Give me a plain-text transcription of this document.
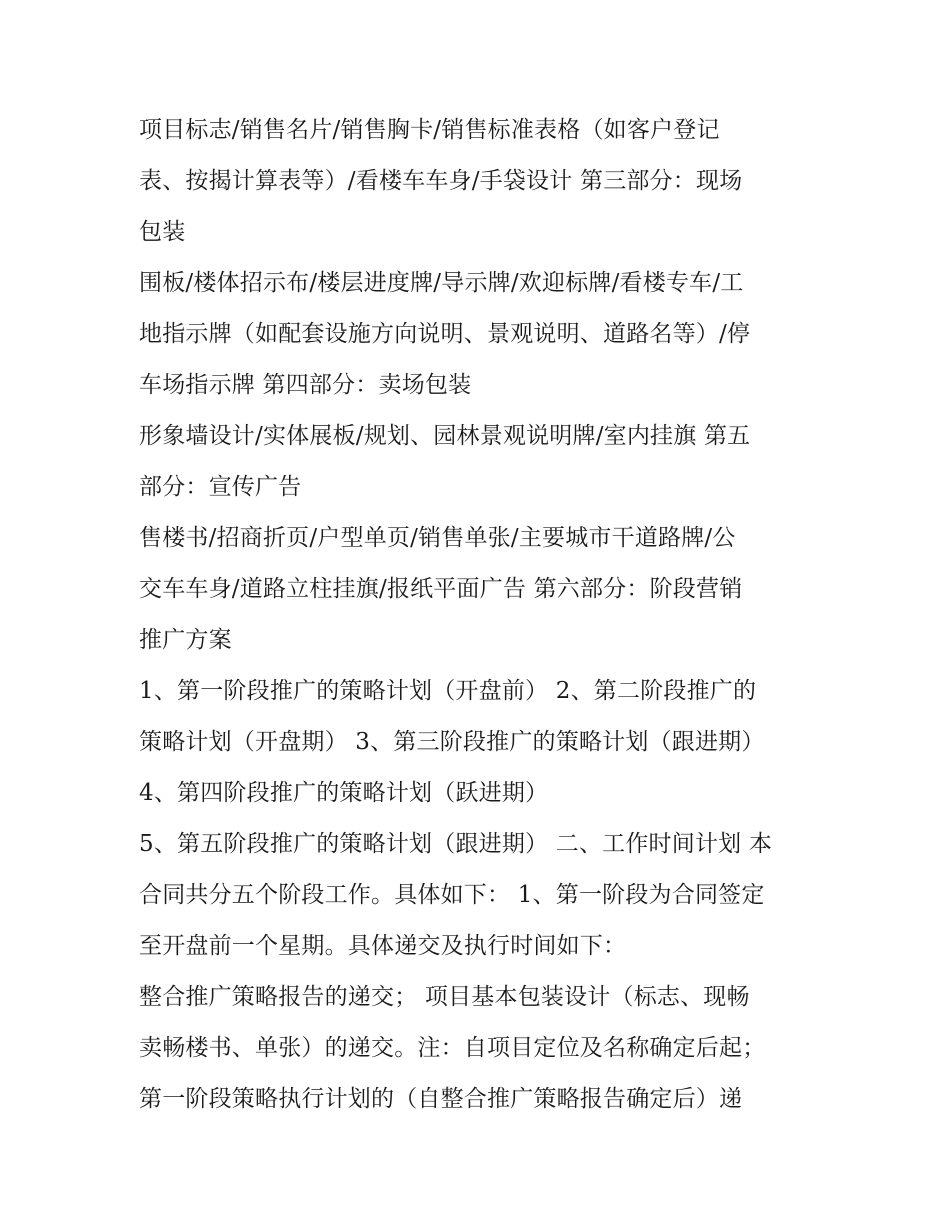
项目标志/销售名片/销售胸卡/销售标准表格（如客户登记
表、按揭计算表等）/看楼车车身/手袋设计 第三部分：现场
包装
围板/楼体招示布/楼层进度牌/导示牌/欢迎标牌/看楼专车/工
地指示牌（如配套设施方向说明、景观说明、道路名等）/停
车场指示牌 第四部分：卖场包装
形象墙设计/实体展板/规划、园林景观说明牌/室内挂旗 第五
部分：宣传广告
售楼书/招商折页/户型单页/销售单张/主要城市干道路牌/公
交车车身/道路立柱挂旗/报纸平面广告 第六部分：阶段营销
推广方案
1、第一阶段推广的策略计划（开盘前） 2、第二阶段推广的
策略计划（开盘期） 3、第三阶段推广的策略计划（跟进期）
4、第四阶段推广的策略计划（跃进期）
5、第五阶段推广的策略计划（跟进期） 二、工作时间计划 本
合同共分五个阶段工作。具体如下： 1、第一阶段为合同签定
至开盘前一个星期。具体递交及执行时间如下：
整合推广策略报告的递交； 项目基本包装设计（标志、现畅
卖畅楼书、单张）的递交。注：自项目定位及名称确定后起；
第一阶段策略执行计划的（自整合推广策略报告确定后）递
